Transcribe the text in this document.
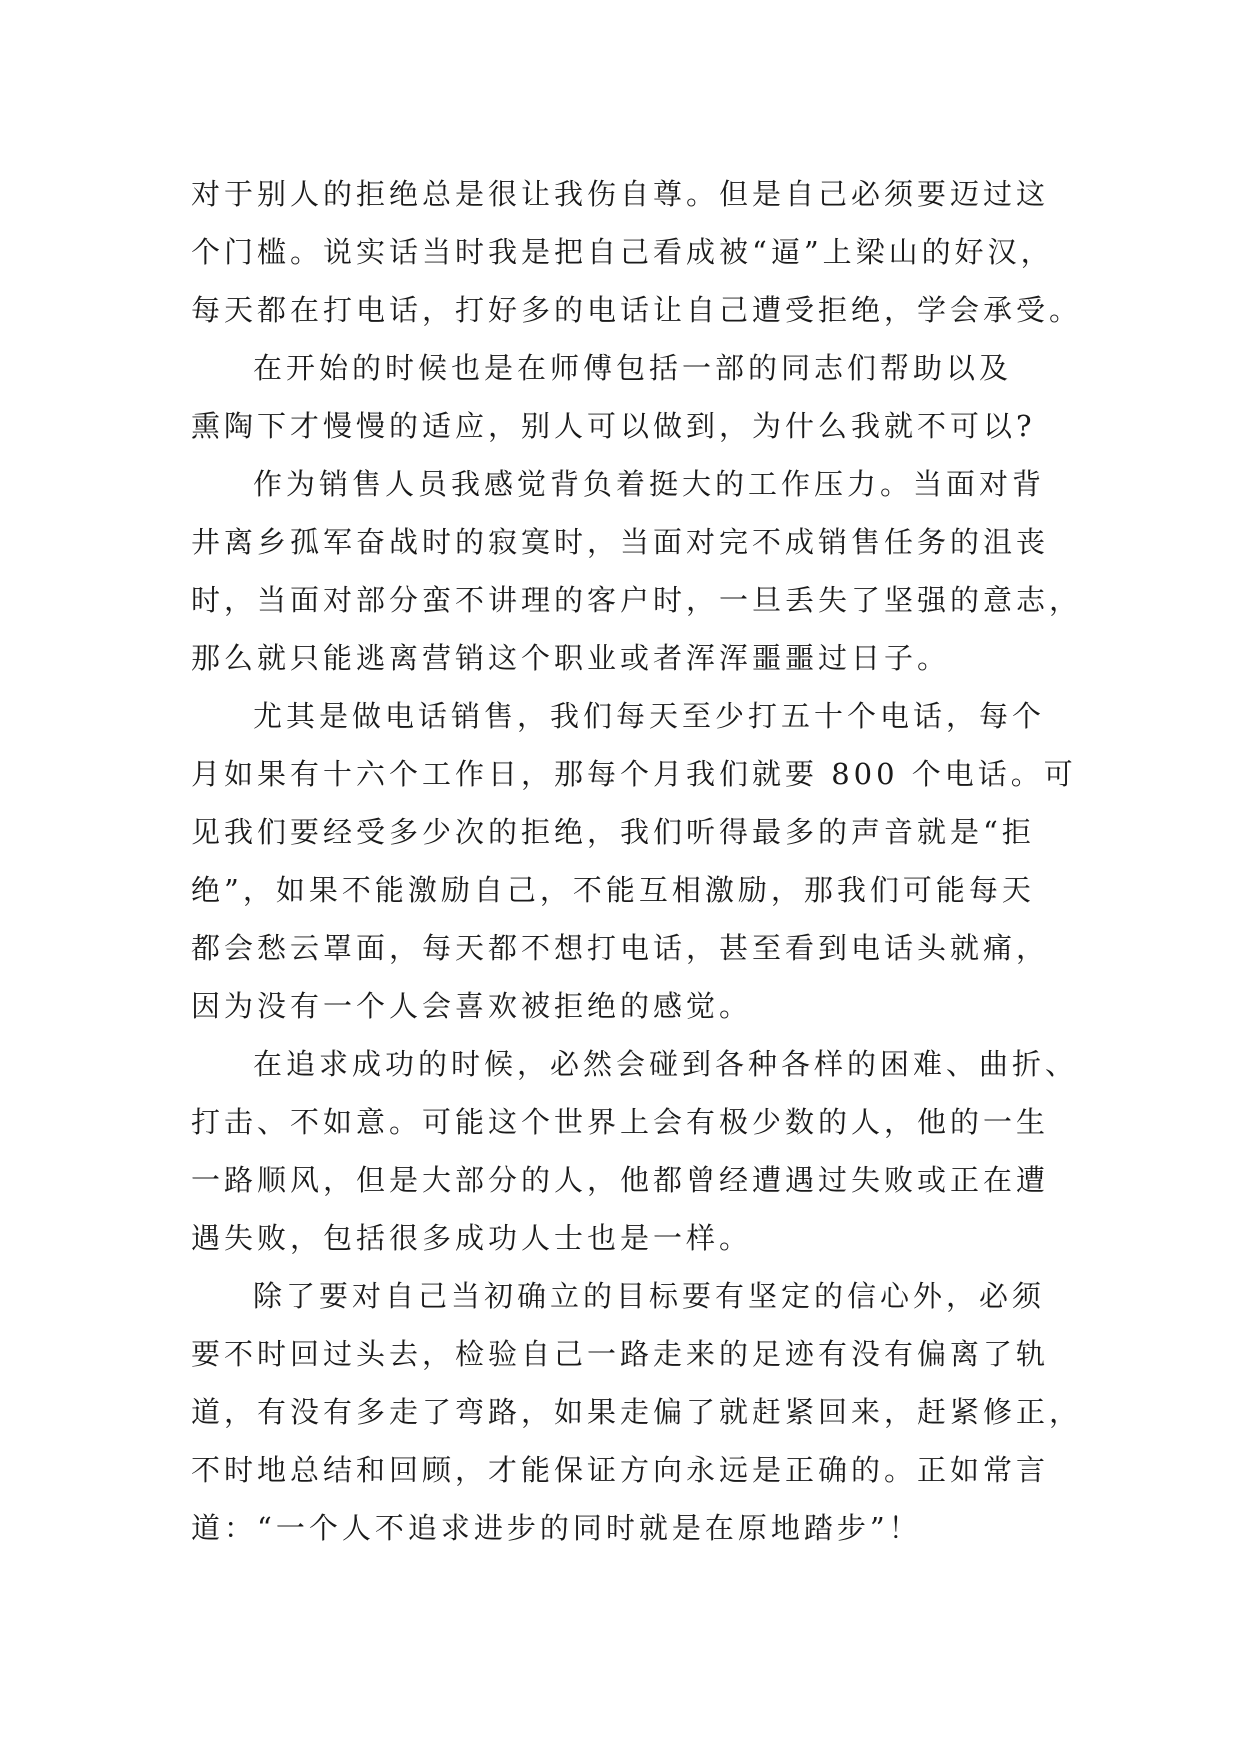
对于别人的拒绝总是很让我伤自尊。但是自己必须要迈过这
个门槛。说实话当时我是把自己看成被“逼”上梁山的好汉，
每天都在打电话，打好多的电话让自己遭受拒绝，学会承受。
在开始的时候也是在师傅包括一部的同志们帮助以及
熏陶下才慢慢的适应，别人可以做到，为什么我就不可以?
作为销售人员我感觉背负着挺大的工作压力。当面对背
井离乡孤军奋战时的寂寞时，当面对完不成销售任务的沮丧
时，当面对部分蛮不讲理的客户时，一旦丢失了坚强的意志，
那么就只能逃离营销这个职业或者浑浑噩噩过日子。
尤其是做电话销售，我们每天至少打五十个电话，每个
月如果有十六个工作日，那每个月我们就要 800 个电话。可
见我们要经受多少次的拒绝，我们听得最多的声音就是“拒
绝”，如果不能激励自己，不能互相激励，那我们可能每天
都会愁云罩面，每天都不想打电话，甚至看到电话头就痛，
因为没有一个人会喜欢被拒绝的感觉。
在追求成功的时候，必然会碰到各种各样的困难、曲折、
打击、不如意。可能这个世界上会有极少数的人，他的一生
一路顺风，但是大部分的人，他都曾经遭遇过失败或正在遭
遇失败，包括很多成功人士也是一样。
除了要对自己当初确立的目标要有坚定的信心外，必须
要不时回过头去，检验自己一路走来的足迹有没有偏离了轨
道，有没有多走了弯路，如果走偏了就赶紧回来，赶紧修正，
不时地总结和回顾，才能保证方向永远是正确的。正如常言
道：“一个人不追求进步的同时就是在原地踏步”！
